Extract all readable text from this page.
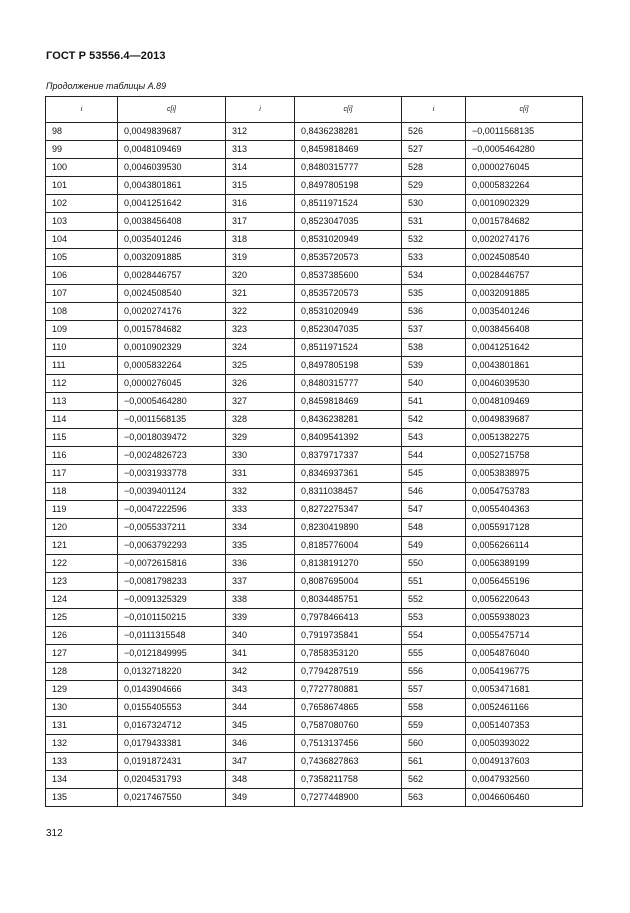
ГОСТ Р 53556.4—2013
Продолжение таблицы А.89
i	c[i]	i	c[i]	i	c[i]
98	0,0049839687	312	0,8436238281	526	−0,0011568135
99	0,0048109469	313	0,8459818469	527	−0,0005464280
100	0,0046039530	314	0,8480315777	528	0,0000276045
101	0,0043801861	315	0,8497805198	529	0,0005832264
102	0,0041251642	316	0,8511971524	530	0,0010902329
103	0,0038456408	317	0,8523047035	531	0,0015784682
104	0,0035401246	318	0,8531020949	532	0,0020274176
105	0,0032091885	319	0,8535720573	533	0,0024508540
106	0,0028446757	320	0,8537385600	534	0,0028446757
107	0,0024508540	321	0,8535720573	535	0,0032091885
108	0,0020274176	322	0,8531020949	536	0,0035401246
109	0,0015784682	323	0,8523047035	537	0,0038456408
110	0,0010902329	324	0,8511971524	538	0,0041251642
111	0,0005832264	325	0,8497805198	539	0,0043801861
112	0,0000276045	326	0,8480315777	540	0,0046039530
113	−0,0005464280	327	0,8459818469	541	0,0048109469
114	−0,0011568135	328	0,8436238281	542	0,0049839687
115	−0,0018039472	329	0,8409541392	543	0,0051382275
116	−0,0024826723	330	0,8379717337	544	0,0052715758
117	−0,0031933778	331	0,8346937361	545	0,0053838975
118	−0,0039401124	332	0,8311038457	546	0,0054753783
119	−0,0047222596	333	0,8272275347	547	0,0055404363
120	−0,0055337211	334	0,8230419890	548	0,0055917128
121	−0,0063792293	335	0,8185776004	549	0,0056266114
122	−0,0072615816	336	0,8138191270	550	0,0056389199
123	−0,0081798233	337	0,8087695004	551	0,0056455196
124	−0,0091325329	338	0,8034485751	552	0,0056220643
125	−0,0101150215	339	0,7978466413	553	0,0055938023
126	−0,0111315548	340	0,7919735841	554	0,0055475714
127	−0,0121849995	341	0,7858353120	555	0,0054876040
128	0,0132718220	342	0,7794287519	556	0,0054196775
129	0,0143904666	343	0,7727780881	557	0,0053471681
130	0,0155405553	344	0,7658674865	558	0,0052461166
131	0,0167324712	345	0,7587080760	559	0,0051407353
132	0,0179433381	346	0,7513137456	560	0,0050393022
133	0,0191872431	347	0,7436827863	561	0,0049137603
134	0,0204531793	348	0,7358211758	562	0,0047932560
135	0,0217467550	349	0,7277448900	563	0,0046606460
312
